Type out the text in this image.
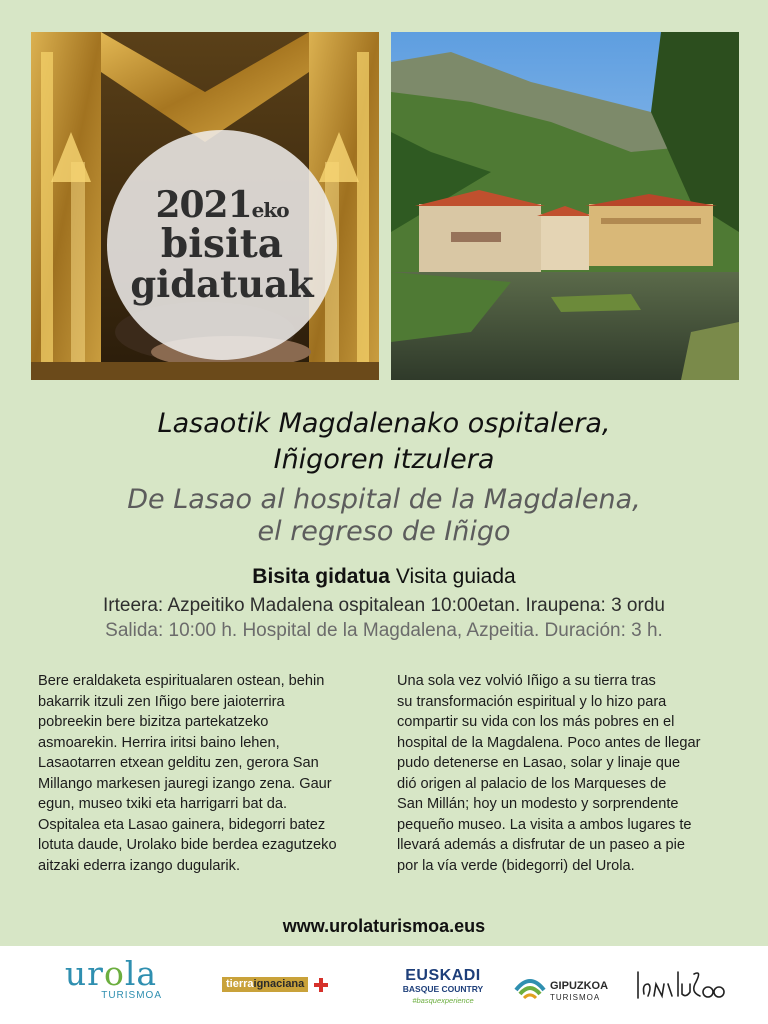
2021eko
bisita
gidatuak
Lasaotik Magdalenako ospitalera,
Iñigoren itzulera
De Lasao al hospital de la Magdalena,
el regreso de Iñigo
Bisita gidatua Visita guiada
Irteera: Azpeitiko Madalena ospitalean 10:00etan. Iraupena: 3 ordu
Salida: 10:00 h. Hospital de la Magdalena, Azpeitia. Duración: 3 h.
Bere eraldaketa espiritualaren ostean, behin
bakarrik itzuli zen Iñigo bere jaioterrira
pobreekin bere bizitza partekatzeko
asmoarekin. Herrira iritsi baino lehen,
Lasaotarren etxean gelditu zen, gerora San
Millango markesen jauregi izango zena. Gaur
egun, museo txiki eta harrigarri bat da.
Ospitalea eta Lasao gainera, bidegorri batez
lotuta daude, Urolako bide berdea ezagutzeko
aitzaki ederra izango dugularik.
Una sola vez volvió Iñigo a su tierra tras
su transformación espiritual y lo hizo para
compartir su vida con los más pobres en el
hospital de la Magdalena. Poco antes de llegar
pudo detenerse en Lasao, solar y linaje que
dió origen al palacio de los Marqueses de
San Millán; hoy un modesto y sorprendente
pequeño museo. La visita a ambos lugares te
llevará además a disfrutar de un paseo a pie
por la vía verde (bidegorri) del Urola.
www.urolaturismoa.eus
urola
TURISMOA
tierraignaciana	EUSKADI
BASQUE COUNTRY
#basquexperience
GIPUZKOA
TURISMOA
